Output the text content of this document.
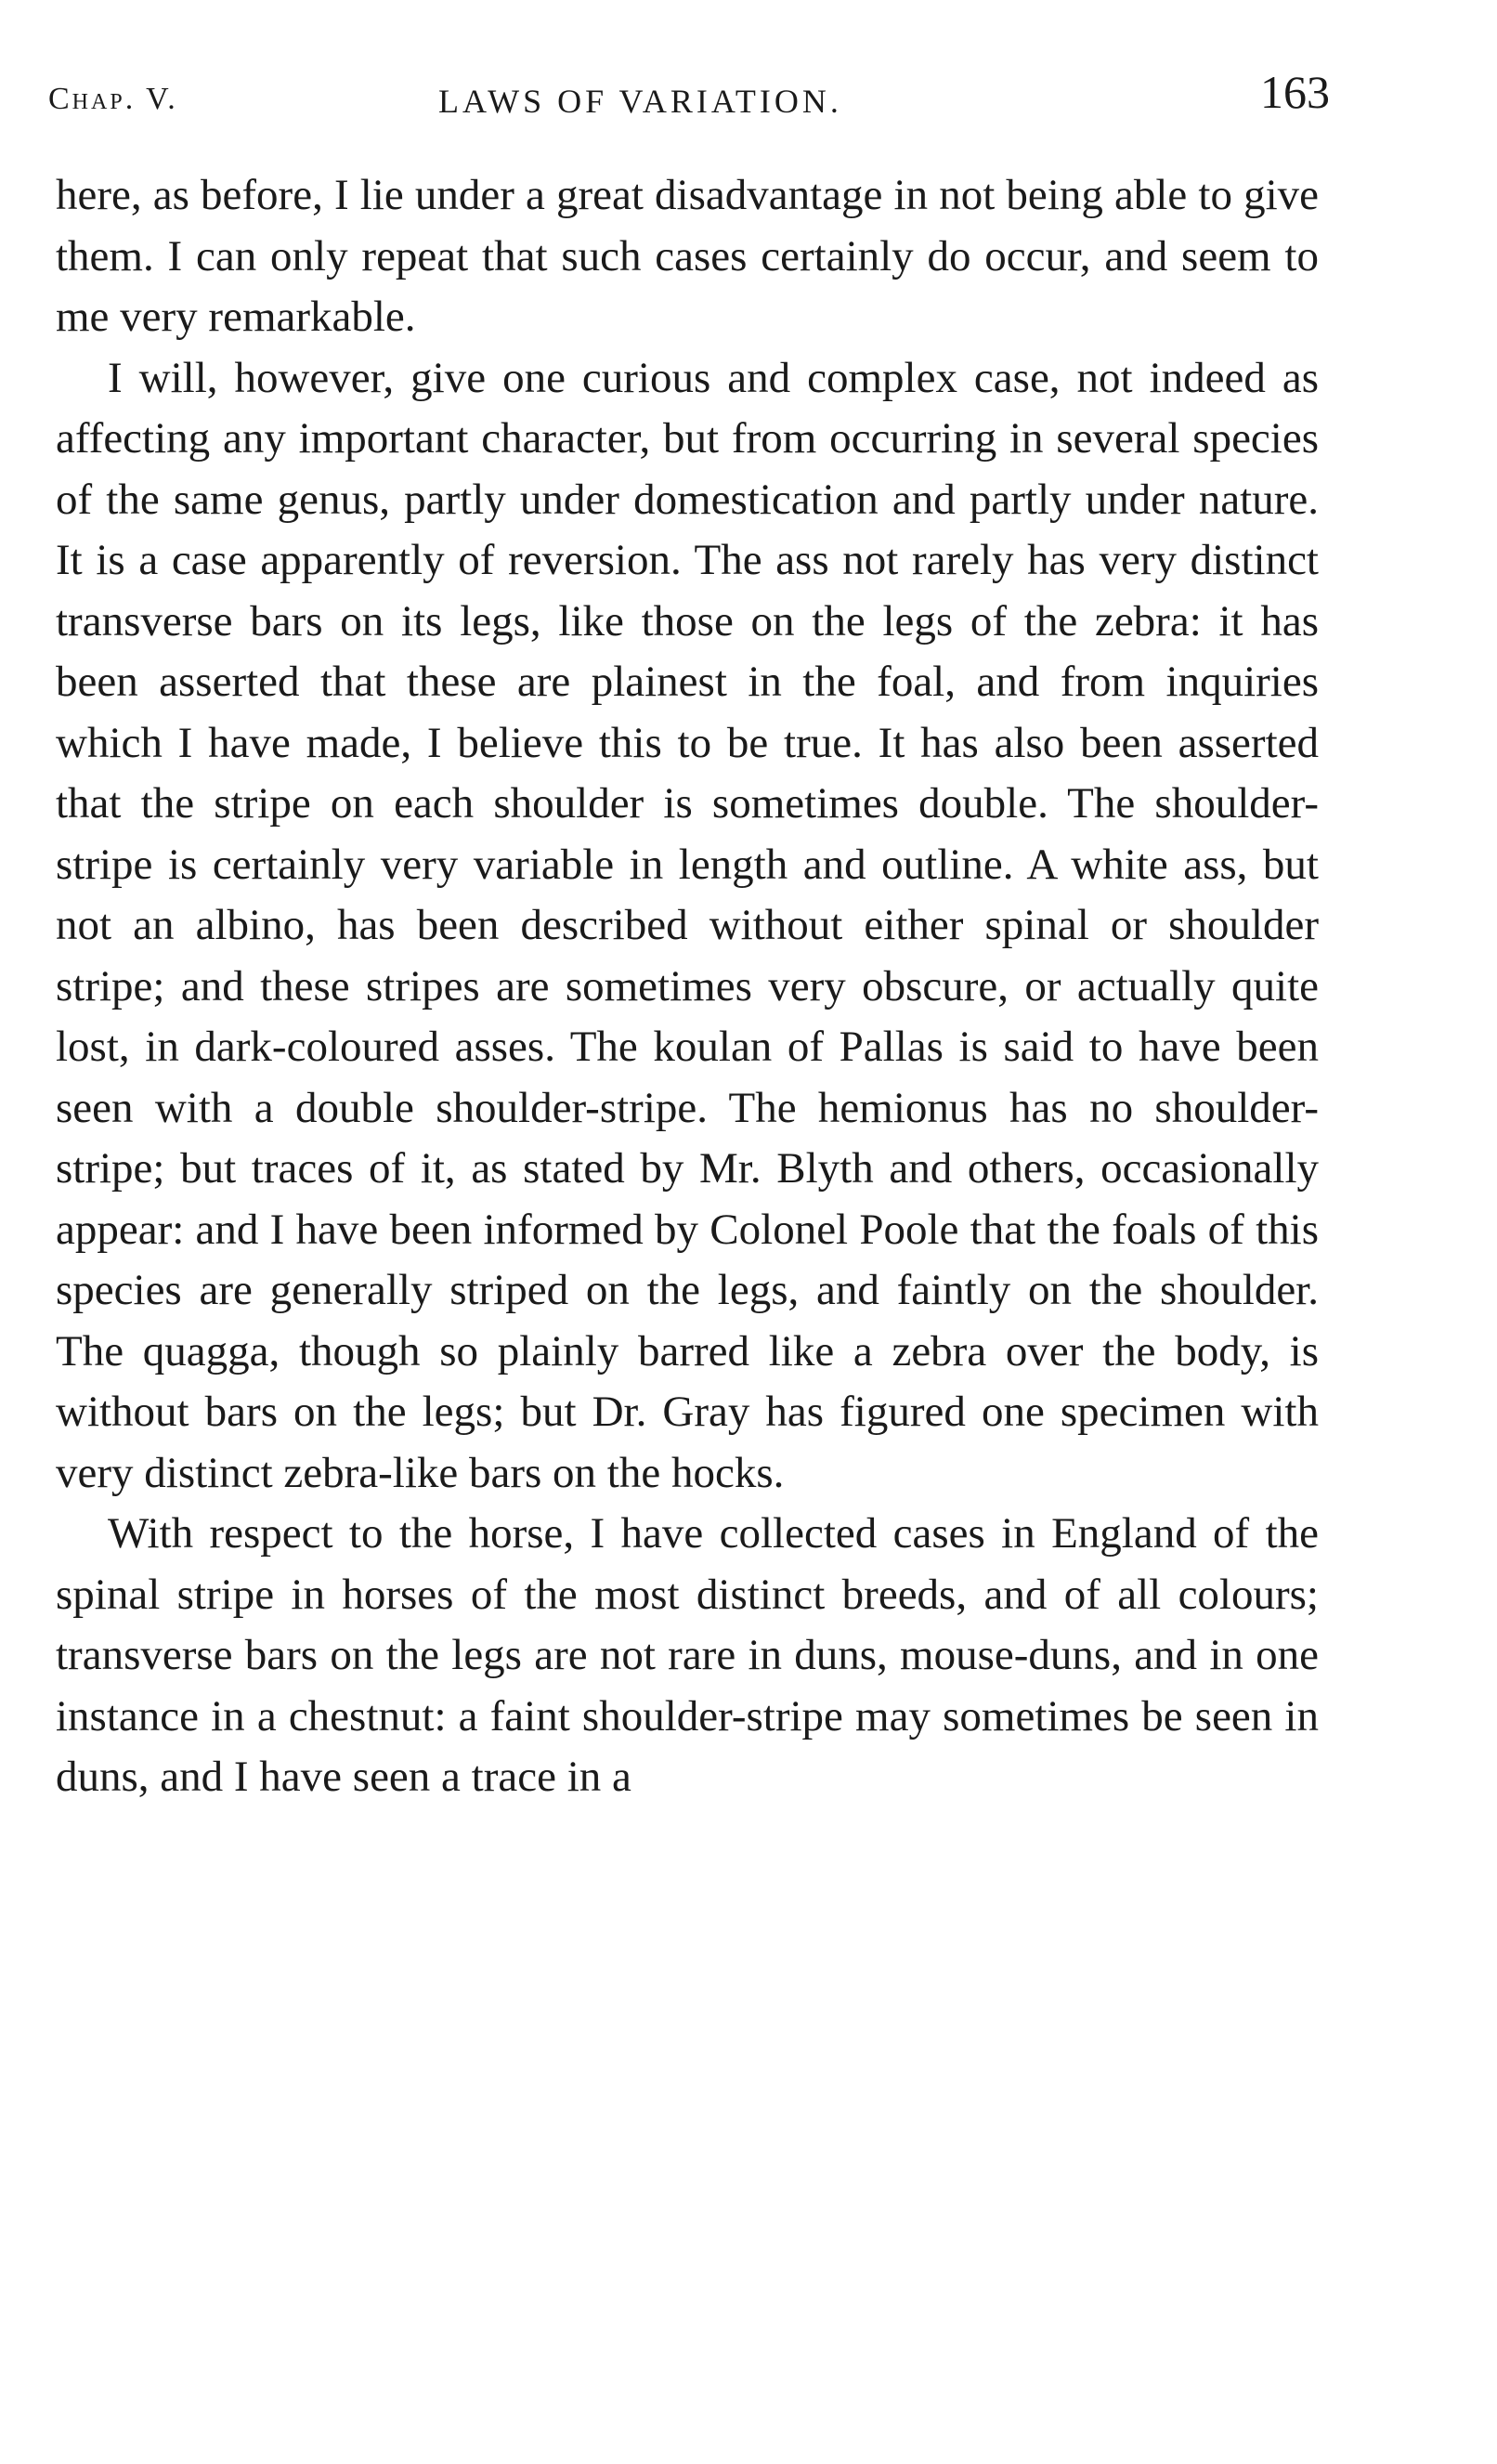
Chap. V.	LAWS OF VARIATION.	163

here, as before, I lie under a great disadvantage in not being able to give them. I can only repeat that such cases certainly do occur, and seem to me very remarkable.

I will, however, give one curious and complex case, not indeed as affecting any important character, but from occurring in several species of the same genus, partly under domestication and partly under nature. It is a case apparently of reversion. The ass not rarely has very distinct transverse bars on its legs, like those on the legs of the zebra: it has been asserted that these are plainest in the foal, and from inquiries which I have made, I believe this to be true. It has also been asserted that the stripe on each shoulder is sometimes double. The shoulder-stripe is certainly very variable in length and outline. A white ass, but not an albino, has been described without either spinal or shoulder stripe; and these stripes are sometimes very obscure, or actually quite lost, in dark-coloured asses. The koulan of Pallas is said to have been seen with a double shoulder-stripe. The hemionus has no shoulder-stripe; but traces of it, as stated by Mr. Blyth and others, occasionally appear: and I have been informed by Colonel Poole that the foals of this species are generally striped on the legs, and faintly on the shoulder. The quagga, though so plainly barred like a zebra over the body, is without bars on the legs; but Dr. Gray has figured one specimen with very distinct zebra-like bars on the hocks.

With respect to the horse, I have collected cases in England of the spinal stripe in horses of the most distinct breeds, and of all colours; transverse bars on the legs are not rare in duns, mouse-duns, and in one instance in a chestnut: a faint shoulder-stripe may sometimes be seen in duns, and I have seen a trace in a
